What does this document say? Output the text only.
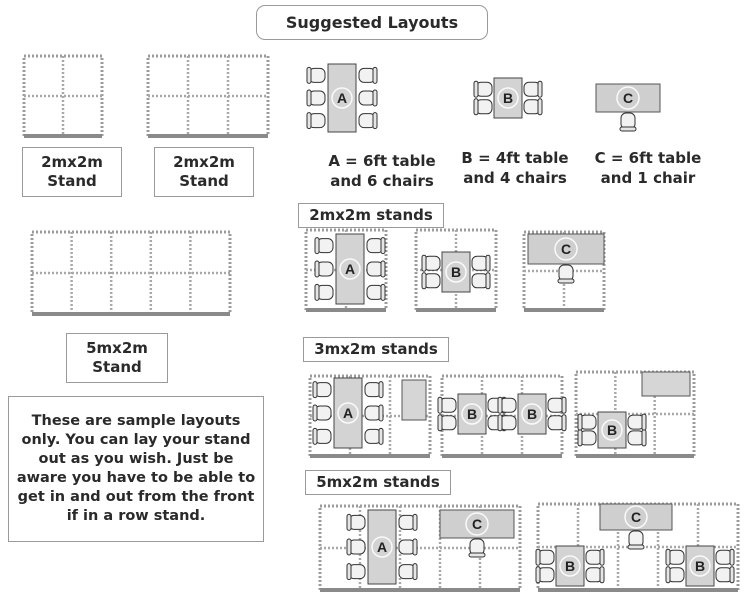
Suggested Layouts
2mx2m
Stand
2mx2m
Stand
5mx2m
Stand
A = 6ft table
and 6 chairs
B = 4ft table
and 4 chairs
C = 6ft table
and 1 chair
2mx2m stands
3mx2m stands
5mx2m stands
These are sample layouts only. You can lay your stand out as you wish. Just be aware you have to be able to get in and out from the front if in a row stand.
A	B	C
A	B
C
A	B	B
B
A
C	C
B	B
